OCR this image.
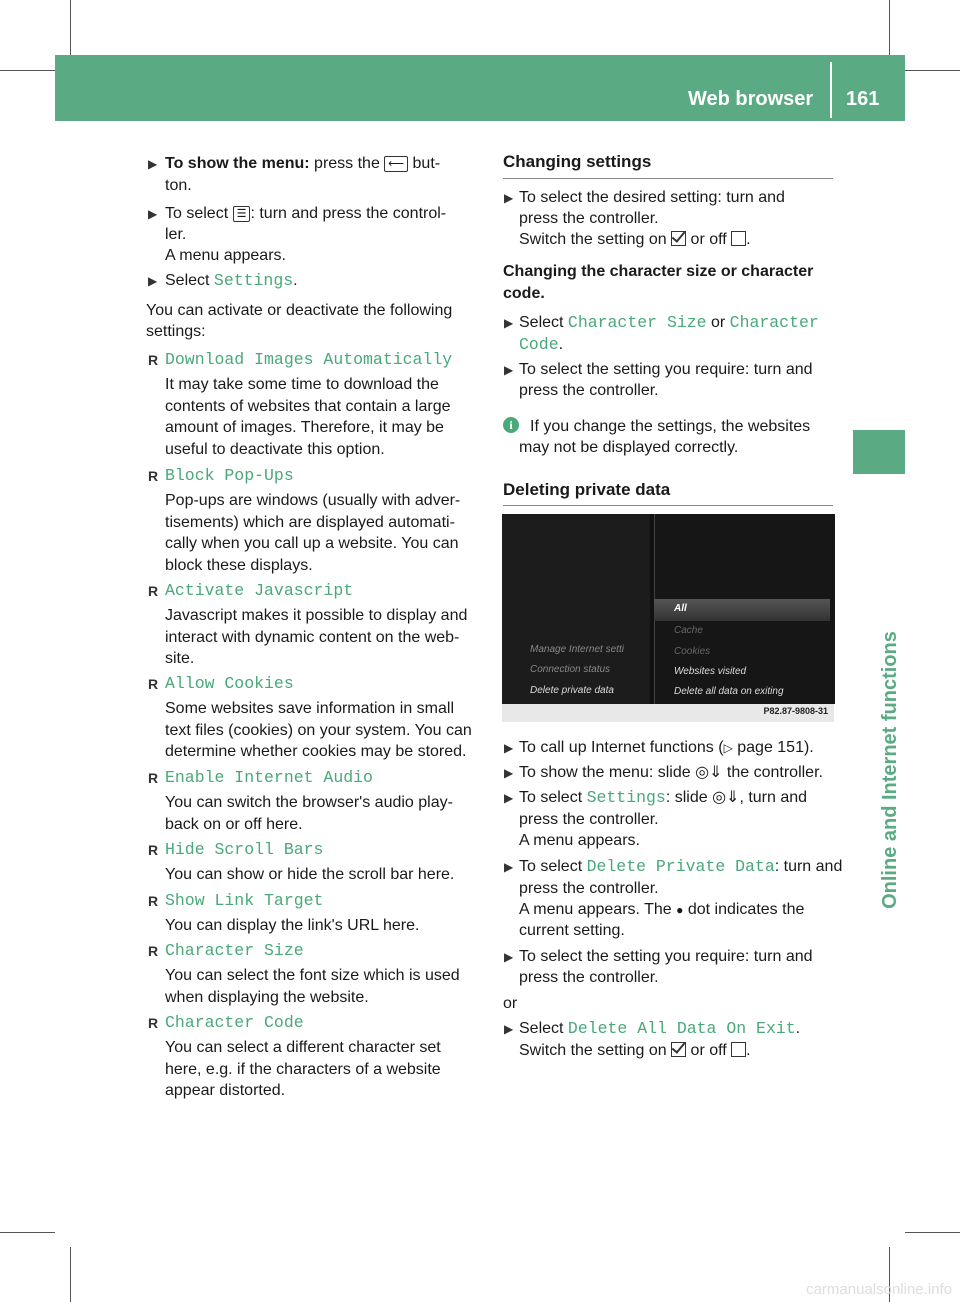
Web browser 161
Online and Internet functions
▶ To show the menu: press the ⟵ but-
ton.
▶ To select ☰ : turn and press the control-
ler.
A menu appears.
▶ Select Settings.
You can activate or deactivate the following
settings:
R Download Images Automatically
It may take some time to download the
contents of websites that contain a large
amount of images. Therefore, it may be
useful to deactivate this option.
R Block Pop-Ups
Pop-ups are windows (usually with adver-
tisements) which are displayed automati-
cally when you call up a website. You can
block these displays.
R Activate Javascript
Javascript makes it possible to display and
interact with dynamic content on the web-
site.
R Allow Cookies
Some websites save information in small
text files (cookies) on your system. You can
determine whether cookies may be stored.
R Enable Internet Audio
You can switch the browser's audio play-
back on or off here.
R Hide Scroll Bars
You can show or hide the scroll bar here.
R Show Link Target
You can display the link's URL here.
R Character Size
You can select the font size which is used
when displaying the website.
R Character Code
You can select a different character set
here, e.g. if the characters of a website
appear distorted.
Changing settings
▶ To select the desired setting: turn and
press the controller.
Switch the setting on  or off .
Changing the character size or character
code.
▶ Select Character Size or Character
Code.
▶ To select the setting you require: turn and
press the controller.
i	If you change the settings, the websites
may not be displayed correctly.
Deleting private data
Manage Internet setti
Connection status
Delete private data
All
Cache
Cookies
Websites visited
Delete all data on exiting
P82.87-9808-31
▶ To call up Internet functions (▷ page 151).
▶ To show the menu: slide ◎⇓ the controller.
▶ To select Settings: slide ◎⇓, turn and
press the controller.
A menu appears.
▶ To select Delete Private Data: turn and
press the controller.
A menu appears. The ● dot indicates the
current setting.
▶ To select the setting you require: turn and
press the controller.
or
▶ Select Delete All Data On Exit.
Switch the setting on  or off .
carmanualsonline.info
